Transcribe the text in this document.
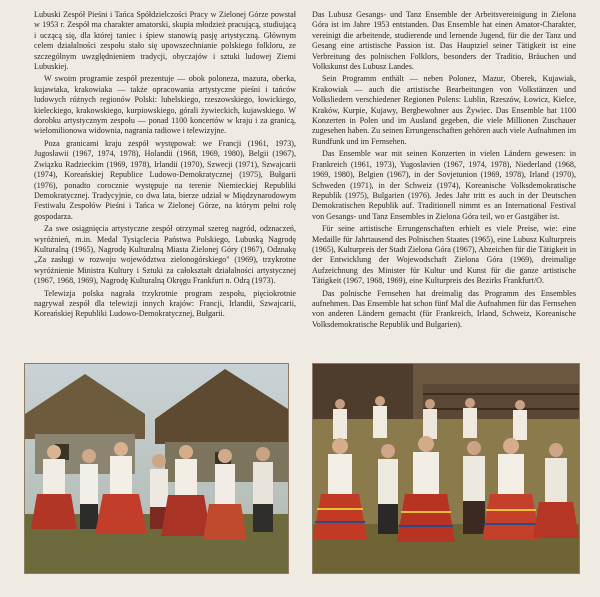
Lubuski Zespół Pieśni i Tańca Spółdzielczości Pracy w Zielonej Górze powstał w 1953 r. Zespół ma charakter amatorski, skupia młodzież pracującą, studiującą i uczącą się, dla której taniec i śpiew stanowią pasję artystyczną. Głównym celem działalności zespołu stało się upowszechnianie polskiego folkloru, ze szczególnym uwzględnieniem tradycji, obyczajów i sztuki ludowej Ziemi Lubuskiej.

W swoim programie zespół prezentuje — obok poloneza, mazura, oberka, kujawiaka, krakowiaka — także opracowania artystyczne pieśni i tańców ludowych różnych regionów Polski: lubelskiego, rzeszowskiego, łowickiego, kieleckiego, krakowskiego, kurpiowskiego, górali żywieckich, kujawskiego. W dorobku artystycznym zespołu — ponad 1100 koncertów w kraju i za granicą, wielomilionowa widownia, nagrania radiowe i telewizyjne.

Poza granicami kraju zespół występował: we Francji (1961, 1973), Jugosławii (1967, 1974, 1978), Holandii (1968, 1969, 1980), Belgii (1967), Związku Radzieckim (1969, 1978), Irlandii (1970), Szwecji (1971), Szwajcarii (1974), Koreańskiej Republice Ludowo-Demokratycznej (1975), Bułgarii (1976), ponadto corocznie występuje na terenie Niemieckiej Republiki Demokratycznej. Tradycyjnie, co dwa lata, bierze udział w Międzynarodowym Festiwalu Zespołów Pieśni i Tańca w Zielonej Górze, na którym pełni rolę gospodarza.

Za swe osiągnięcia artystyczne zespół otrzymał szereg nagród, odznaczeń, wyróżnień, m.in. Medal Tysiąclecia Państwa Polskiego, Lubuską Nagrodę Kulturalną (1965), Nagrodę Kulturalną Miasta Zielonej Góry (1967), Odznakę „Za zasługi w rozwoju województwa zielonogórskiego" (1969), trzykrotne wyróżnienie Ministra Kultury i Sztuki za całokształt działalności artystycznej (1967, 1968, 1969), Nagrodę Kulturalną Okręgu Frankfurt n. Odrą (1973).

Telewizja polska nagrała trzykrotnie program zespołu, pięciokrotnie nagrywał zespół dla telewizji innych krajów: Francji, Irlandii, Szwajcarii, Koreańskiej Republiki Ludowo-Demokratycznej, Bułgarii.

Das Lubusz Gesangs- und Tanz Ensemble der Arbeitsvereinigung in Zielona Góra ist im Jahre 1953 entstanden. Das Ensemble hat einen Amator-Charakter, vereinigt die arbeitende, studierende und lernende Jugend, für die der Tanz und Gesang eine artistische Passion ist. Das Hauptziel seiner Tätigkeit ist eine Verbreitung des polnischen Folklors, besonders der Traditio, Bräuchen und Volkskunst des Lubusz Landes.

Sein Programm enthält — neben Polonez, Mazur, Oberek, Kujawiak, Krakowiak — auch die artistische Bearbeitungen von Volkstänzen und Volksliedern verschiedener Regionen Polens: Lublin, Rzeszów, Łowicz, Kielce, Kraków, Kurpie, Kujawy, Bergbewohner aus Żywiec. Das Ensemble hat 1100 Konzerten in Polen und im Ausland gegeben, die viele Millionen Zuschauer zugesehen haben. Zu seinen Errungenschaften gehören auch viele Aufnahmen im Rundfunk und im Fernsehen.

Das Ensemble war mit seinen Konzerten in vielen Ländern gewesen: in Frankreich (1961, 1973), Yugoslavien (1967, 1974, 1978), Niederland (1968, 1969, 1980), Belgien (1967), in der Sovjetunion (1969, 1978), Irland (1970), Schweden (1971), in der Schweiz (1974), Koreanische Volksdemokratische Republik (1975), Bulgarien (1976). Jedes Jahr tritt es auch in der Deutschen Demokratischen Republik auf. Traditionell nimmt es an International Festival von Gesangs- und Tanz Ensembles in Zielona Góra teil, wo er Gastgäber ist.

Für seine artistische Errungenschaften erhielt es viele Preise, wie: eine Medaille für Jahrtausend des Polnischen Staates (1965), eine Lubusz Kulturpreis (1965), Kulturpreis der Stadt Zielona Góra (1967), Abzeichen für die Tätigkeit in der Entwicklung der Wojewodschaft Zielona Góra (1969), dreimalige Aufzeichnung des Minister für Kultur und Kunst für die ganze artistische Tätigkeit (1967, 1968, 1969), eine Kulturpreis des Bezirks Frankfurt/O.

Das polnische Fernsehen hat dreimalig das Programm des Ensembles aufnehmen. Das Ensemble hat schon fünf Mal die Aufnahmen für das Fernsehen von anderen Ländern gemacht (für Frankreich, Irland, Schweiz, Koreanische Volksdemokratische Republik und Bulgarien).
